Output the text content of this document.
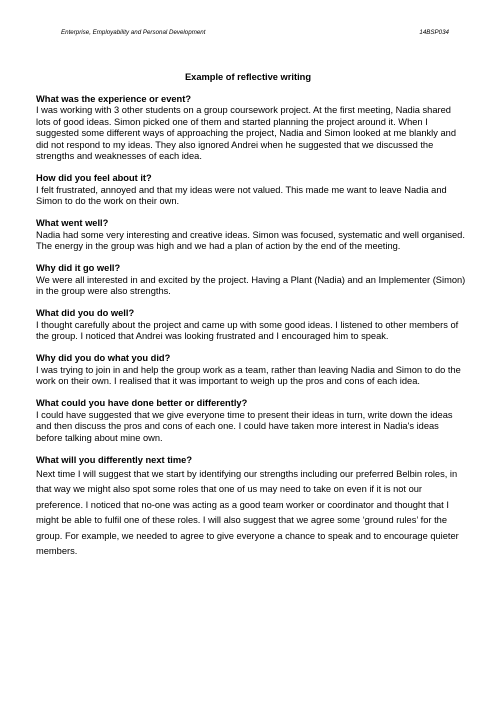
Enterprise, Employability and Personal Development	14BSP034
Example of reflective writing

What was the experience or event?

I was working with 3 other students on a group coursework project. At the first meeting, Nadia shared lots of good ideas. Simon picked one of them and started planning the project around it. When I suggested some different ways of approaching the project, Nadia and Simon looked at me blankly and did not respond to my ideas. They also ignored Andrei when he suggested that we discussed the strengths and weaknesses of each idea.

How did you feel about it?

I felt frustrated, annoyed and that my ideas were not valued. This made me want to leave Nadia and Simon to do the work on their own.

What went well?

Nadia had some very interesting and creative ideas. Simon was focused, systematic and well organised. The energy in the group was high and we had a plan of action by the end of the meeting.

Why did it go well?

We were all interested in and excited by the project. Having a Plant (Nadia) and an Implementer (Simon) in the group were also strengths.

What did you do well?

I thought carefully about the project and came up with some good ideas. I listened to other members of the group. I noticed that Andrei was looking frustrated and I encouraged him to speak.

Why did you do what you did?

I was trying to join in and help the group work as a team, rather than leaving Nadia and Simon to do the work on their own. I realised that it was important to weigh up the pros and cons of each idea.

What could you have done better or differently?

I could have suggested that we give everyone time to present their ideas in turn, write down the ideas and then discuss the pros and cons of each one. I could have taken more interest in Nadia's ideas before talking about mine own.

What will you differently next time?

Next time I will suggest that we start by identifying our strengths including our preferred Belbin roles, in that way we might also spot some roles that one of us may need to take on even if it is not our preference. I noticed that no-one was acting as a good team worker or coordinator and thought that I might be able to fulfil one of these roles. I will also suggest that we agree some ‘ground rules’ for the group. For example, we needed to agree to give everyone a chance to speak and to encourage quieter members.
